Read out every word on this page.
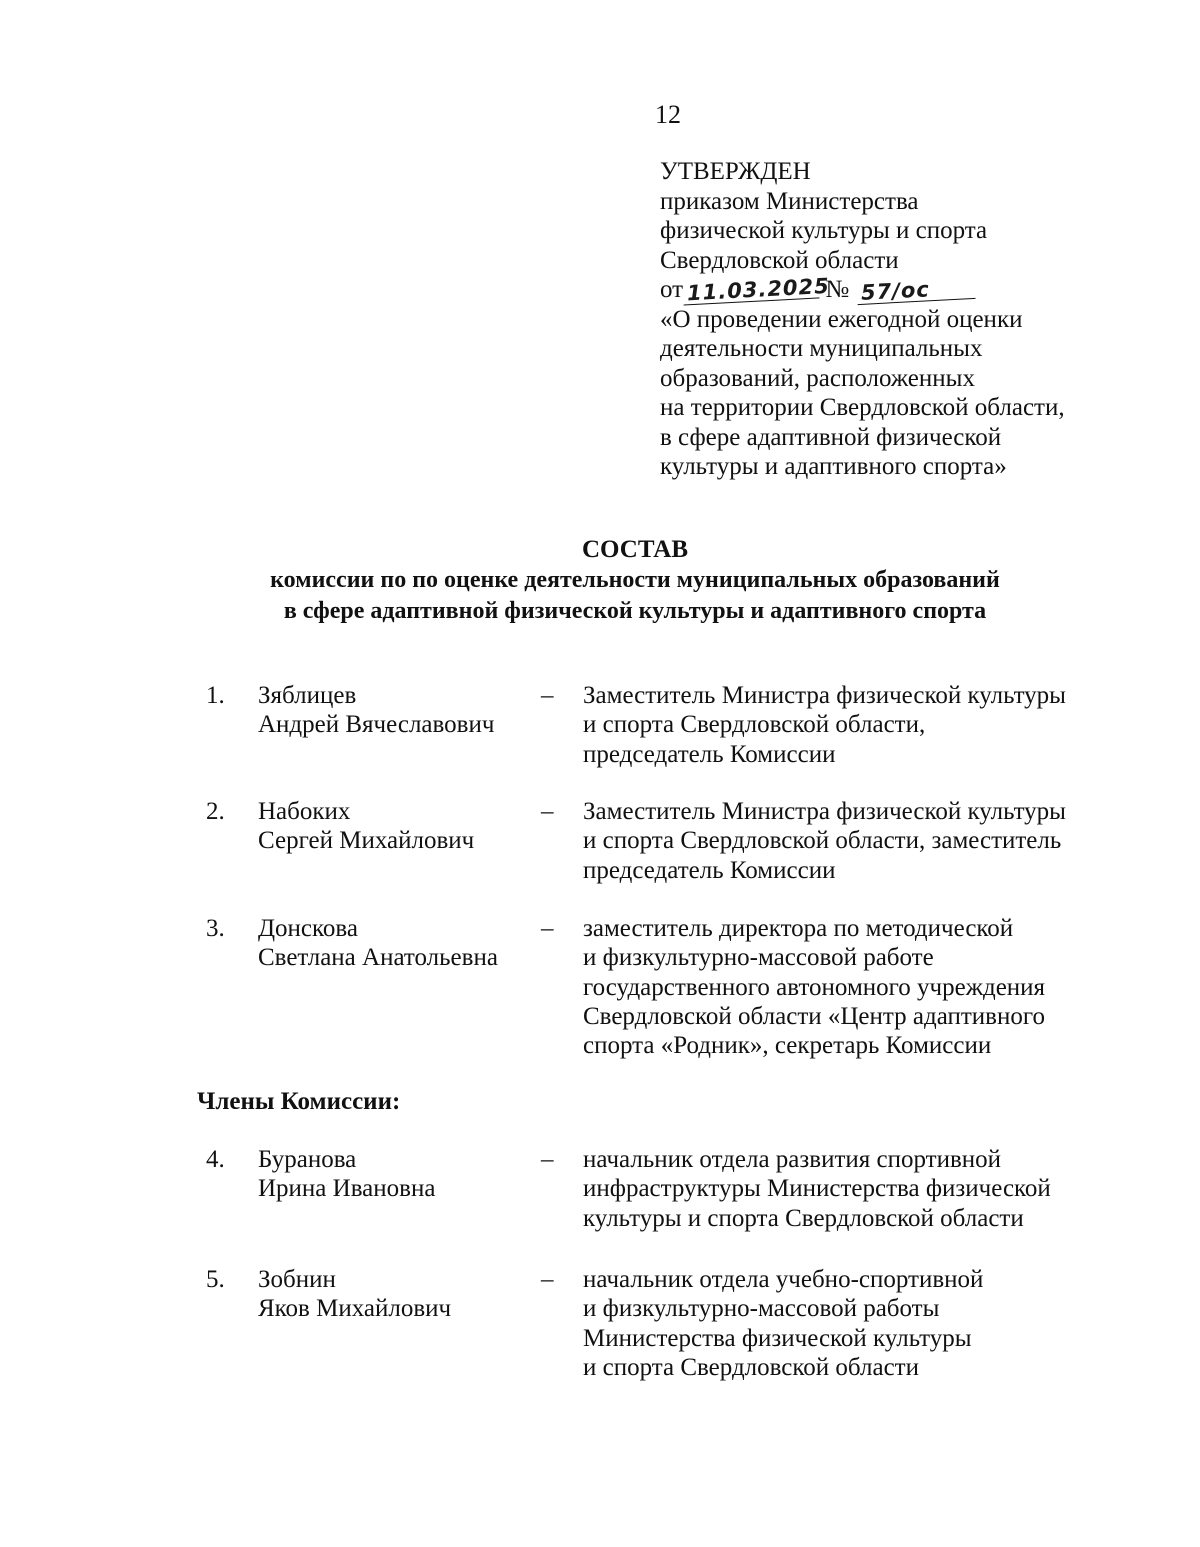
12
УТВЕРЖДЕН
приказом Министерства
физической культуры и спорта
Свердловской области
от 11.03.2025 № 57/ос
«О проведении ежегодной оценки
деятельности муниципальных
образований, расположенных
на территории Свердловской области,
в сфере адаптивной физической
культуры и адаптивного спорта»
СОСТАВ
комиссии по по оценке деятельности муниципальных образований
в сфере адаптивной физической культуры и адаптивного спорта
1. Зяблицев
Андрей Вячеславович
– Заместитель Министра физической культуры
и спорта Свердловской области,
председатель Комиссии
2. Набоких
Сергей Михайлович
– Заместитель Министра физической культуры
и спорта Свердловской области, заместитель
председатель Комиссии
3. Донскова
Светлана Анатольевна
– заместитель директора по методической
и физкультурно-массовой работе
государственного автономного учреждения
Свердловской области «Центр адаптивного
спорта «Родник», секретарь Комиссии
Члены Комиссии:
4. Буранова
Ирина Ивановна
– начальник отдела развития спортивной
инфраструктуры Министерства физической
культуры и спорта Свердловской области
5. Зобнин
Яков Михайлович
– начальник отдела учебно-спортивной
и физкультурно-массовой работы
Министерства физической культуры
и спорта Свердловской области
